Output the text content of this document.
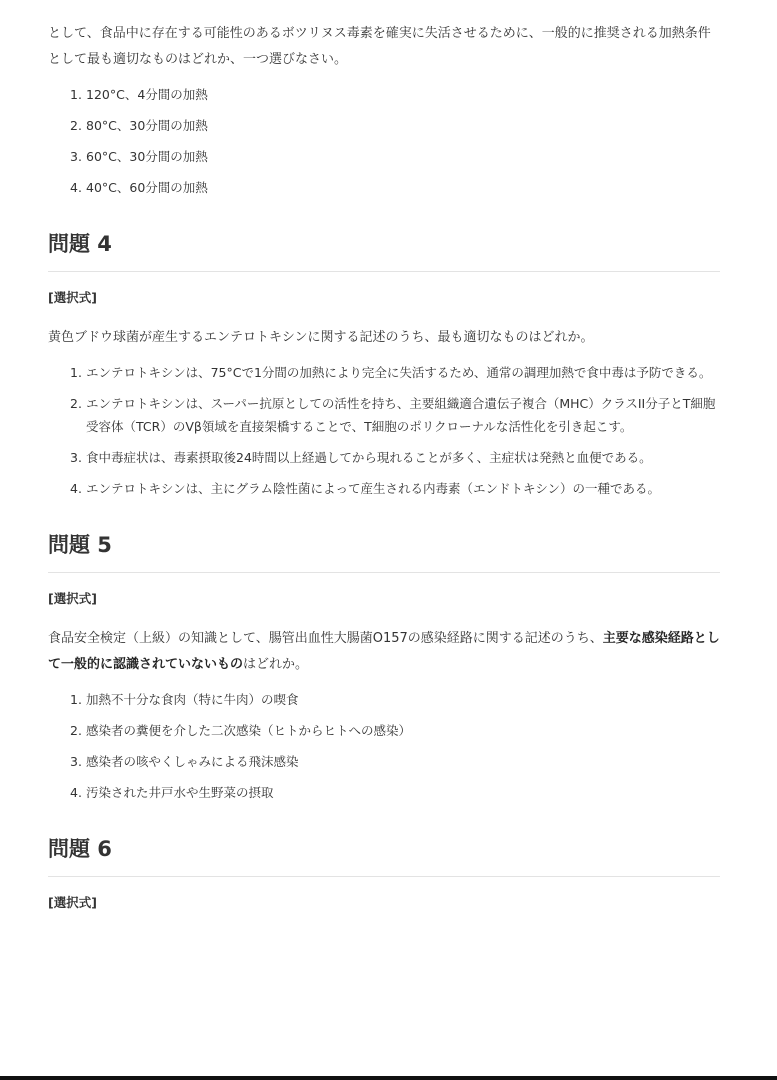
として、食品中に存在する可能性のあるボツリヌス毒素を確実に失活させるために、一般的に推奨される加熱条件として最も適切なものはどれか、一つ選びなさい。

1. 120°C、4分間の加熱
2. 80°C、30分間の加熱
3. 60°C、30分間の加熱
4. 40°C、60分間の加熱
問題 4

[選択式]

黄色ブドウ球菌が産生するエンテロトキシンに関する記述のうち、最も適切なものはどれか。

1. エンテロトキシンは、75°Cで1分間の加熱により完全に失活するため、通常の調理加熱で食中毒は予防できる。
2. エンテロトキシンは、スーパー抗原としての活性を持ち、主要組織適合遺伝子複合（MHC）クラスII分子とT細胞受容体（TCR）のVβ領域を直接架橋することで、T細胞のポリクローナルな活性化を引き起こす。
3. 食中毒症状は、毒素摂取後24時間以上経過してから現れることが多く、主症状は発熱と血便である。
4. エンテロトキシンは、主にグラム陰性菌によって産生される内毒素（エンドトキシン）の一種である。
問題 5

[選択式]

食品安全検定（上級）の知識として、腸管出血性大腸菌O157の感染経路に関する記述のうち、主要な感染経路として一般的に認識されていないものはどれか。

1. 加熱不十分な食肉（特に牛肉）の喫食
2. 感染者の糞便を介した二次感染（ヒトからヒトへの感染）
3. 感染者の咳やくしゃみによる飛沫感染
4. 汚染された井戸水や生野菜の摂取
問題 6

[選択式]
